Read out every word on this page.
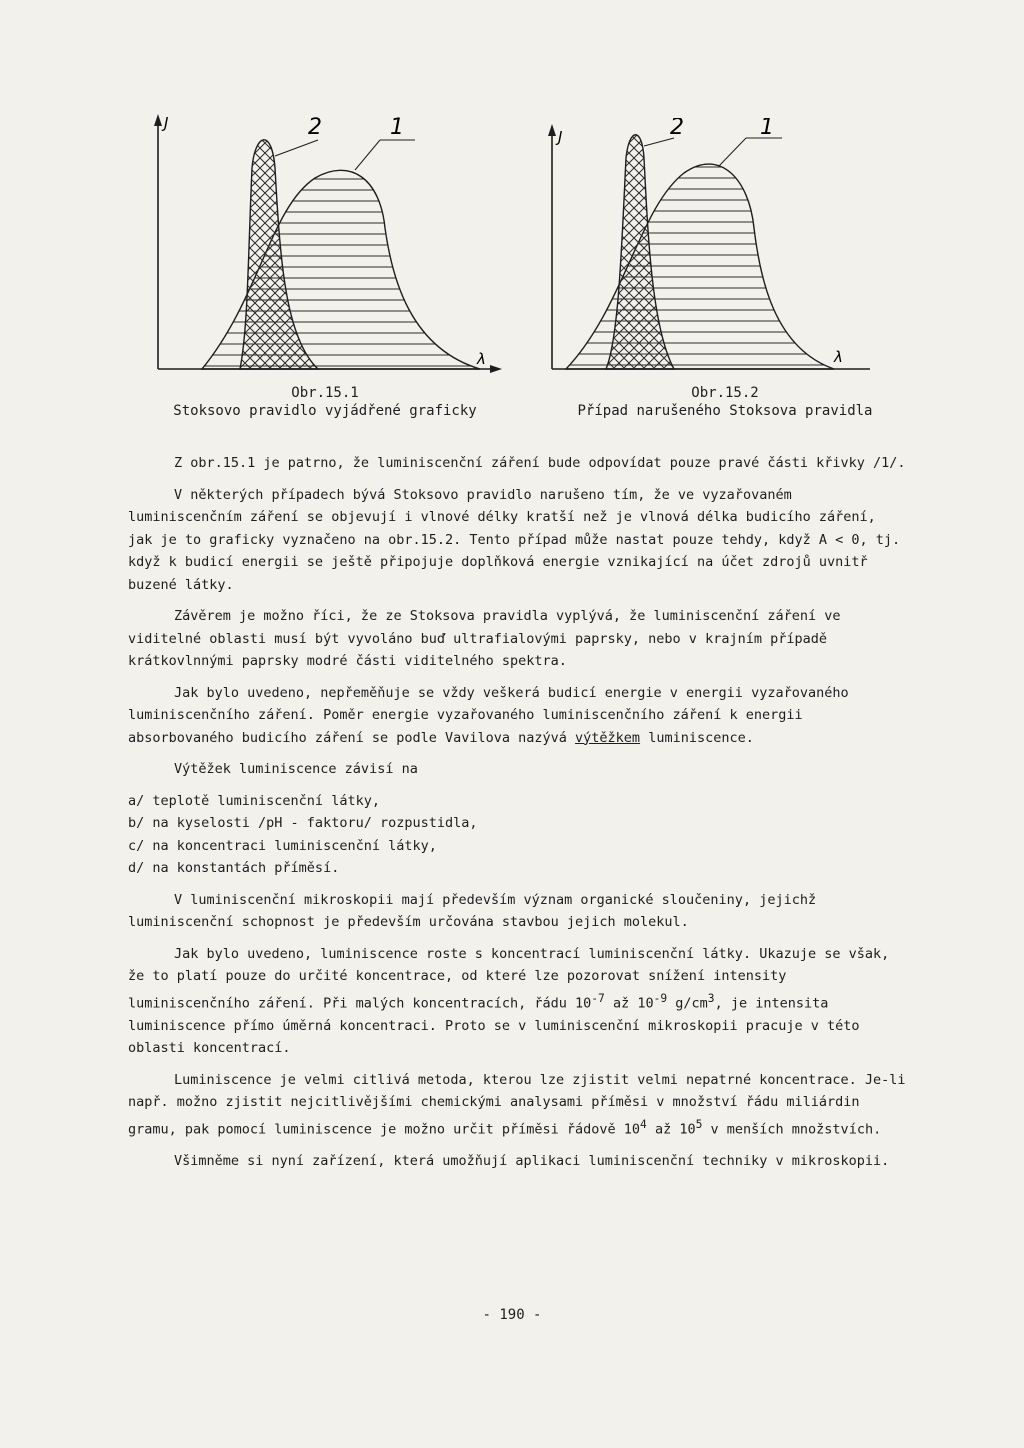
J
λ
2	1
Obr.15.1
Stoksovo pravidlo vyjádřené graficky
J
λ
2	1
Obr.15.2
Případ narušeného Stoksova pravidla

Z obr.15.1 je patrno, že luminiscenční záření bude odpovídat pouze pravé části křivky /1/.

V některých případech bývá Stoksovo pravidlo narušeno tím, že ve vyzařovaném luminiscenčním záření se objevují i vlnové délky kratší než je vlnová délka budicího záření, jak je to graficky vyznačeno na obr.15.2. Tento případ může nastat pouze tehdy, když A < 0, tj. když k budicí energii se ještě připojuje doplňková energie vznikající na účet zdrojů uvnitř buzené látky.

Závěrem je možno říci, že ze Stoksova pravidla vyplývá, že luminiscenční záření ve viditelné oblasti musí být vyvoláno buď ultrafialovými paprsky, nebo v krajním případě krátkovlnnými paprsky modré části viditelného spektra.

Jak bylo uvedeno, nepřeměňuje se vždy veškerá budicí energie v energii vyzařovaného luminiscenčního záření. Poměr energie vyzařovaného luminiscenčního záření k energii absorbovaného budicího záření se podle Vavilova nazývá výtěžkem luminiscence.

Výtěžek luminiscence závisí na

a/ teplotě luminiscenční látky,
b/ na kyselosti /pH - faktoru/ rozpustidla,
c/ na koncentraci luminiscenční látky,
d/ na konstantách příměsí.

V luminiscenční mikroskopii mají především význam organické sloučeniny, jejichž luminiscenční schopnost je především určována stavbou jejich molekul.

Jak bylo uvedeno, luminiscence roste s koncentrací luminiscenční látky. Ukazuje se však, že to platí pouze do určité koncentrace, od které lze pozorovat snížení intensity luminiscenčního záření. Při malých koncentracích, řádu $10^{-7}$ až $10^{-9}$ $g/cm^3$, je intensita luminiscence přímo úměrná koncentraci. Proto se v luminiscenční mikroskopii pracuje v této oblasti koncentrací.

Luminiscence je velmi citlivá metoda, kterou lze zjistit velmi nepatrné koncentrace. Je-li např. možno zjistit nejcitlivějšími chemickými analysami příměsi v množství řádu miliárdin gramu, pak pomocí luminiscence je možno určit příměsi řádově $10^4$ až $10^5$ v menších množstvích.

Všimněme si nyní zařízení, která umožňují aplikaci luminiscenční techniky v mikroskopii.

- 190 -
